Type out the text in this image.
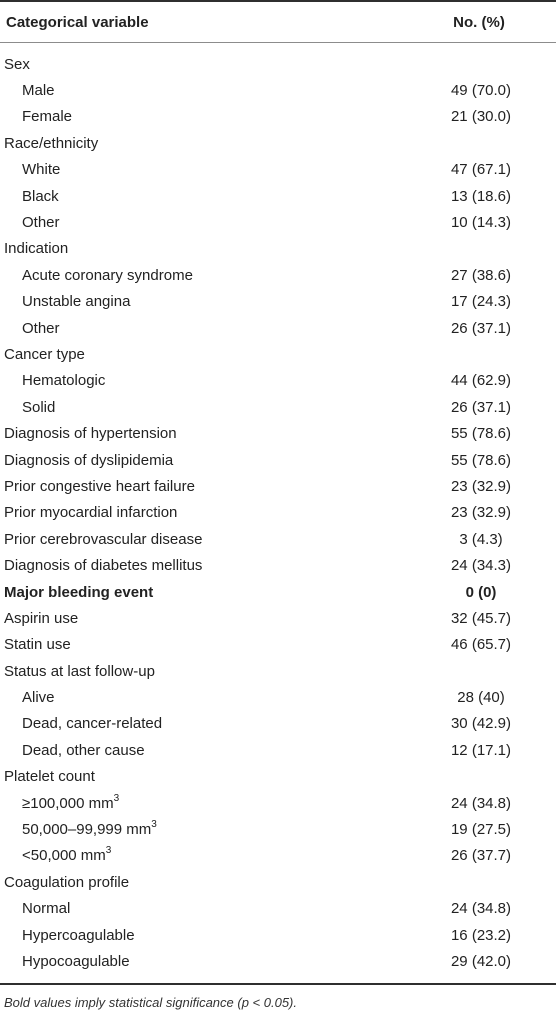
Categorical variable	No. (%)
Sex
Male	49 (70.0)
Female	21 (30.0)
Race/ethnicity
White	47 (67.1)
Black	13 (18.6)
Other	10 (14.3)
Indication
Acute coronary syndrome	27 (38.6)
Unstable angina	17 (24.3)
Other	26 (37.1)
Cancer type
Hematologic	44 (62.9)
Solid	26 (37.1)
Diagnosis of hypertension	55 (78.6)
Diagnosis of dyslipidemia	55 (78.6)
Prior congestive heart failure	23 (32.9)
Prior myocardial infarction	23 (32.9)
Prior cerebrovascular disease	3 (4.3)
Diagnosis of diabetes mellitus	24 (34.3)
Major bleeding event	0 (0)
Aspirin use	32 (45.7)
Statin use	46 (65.7)
Status at last follow-up
Alive	28 (40)
Dead, cancer-related	30 (42.9)
Dead, other cause	12 (17.1)
Platelet count
≥100,000 $mm^3$	24 (34.8)
50,000–99,999 $mm^3$	19 (27.5)
<50,000 $mm^3$	26 (37.7)
Coagulation profile
Normal	24 (34.8)
Hypercoagulable	16 (23.2)
Hypocoagulable	29 (42.0)
Bold values imply statistical significance (p < 0.05).
